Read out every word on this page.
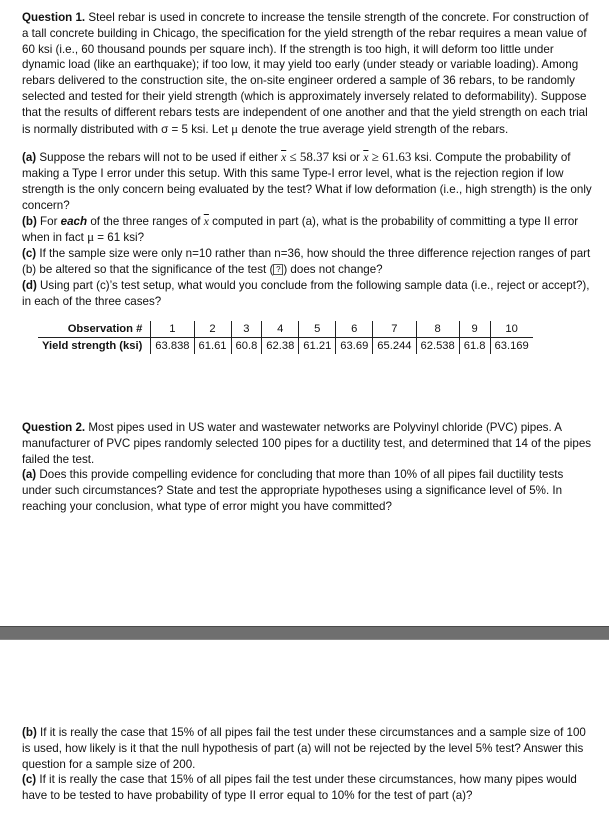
Question 1. Steel rebar is used in concrete to increase the tensile strength of the concrete. For construction of a tall concrete building in Chicago, the specification for the yield strength of the rebar requires a mean value of 60 ksi (i.e., 60 thousand pounds per square inch). If the strength is too high, it will deform too little under dynamic load (like an earthquake); if too low, it may yield too early (under steady or variable loading). Among rebars delivered to the construction site, the on-site engineer ordered a sample of 36 rebars, to be randomly selected and tested for their yield strength (which is approximately inversely related to deformability). Suppose that the results of different rebars tests are independent of one another and that the yield strength on each trial is normally distributed with σ = 5 ksi. Let μ denote the true average yield strength of the rebars.

(a) Suppose the rebars will not to be used if either $\overline{x} \le 58.37$ ksi or $\overline{x} \ge 61.63$ ksi. Compute the probability of making a Type I error under this setup. With this same Type-I error level, what is the rejection region if low strength is the only concern being evaluated by the test? What if low deformation (i.e., high strength) is the only concern?

(b) For each of the three ranges of $\overline{x}$ computed in part (a), what is the probability of committing a type II error when in fact μ = 61 ksi?

(c) If the sample size were only n=10 rather than n=36, how should the three difference rejection ranges of part (b) be altered so that the significance of the test ( ? ) does not change?

(d) Using part (c)’s test setup, what would you conclude from the following sample data (i.e., reject or accept?), in each of the three cases?

Observation #	1	2	3	4	5	6	7	8	9	10
Yield strength (ksi)	63.838	61.61	60.8	62.38	61.21	63.69	65.244	62.538	61.8	63.169

Question 2. Most pipes used in US water and wastewater networks are Polyvinyl chloride (PVC) pipes. A manufacturer of PVC pipes randomly selected 100 pipes for a ductility test, and determined that 14 of the pipes failed the test.

(a) Does this provide compelling evidence for concluding that more than 10% of all pipes fail ductility tests under such circumstances? State and test the appropriate hypotheses using a significance level of 5%. In reaching your conclusion, what type of error might you have committed?

(b) If it is really the case that 15% of all pipes fail the test under these circumstances and a sample size of 100 is used, how likely is it that the null hypothesis of part (a) will not be rejected by the level 5% test? Answer this question for a sample size of 200.

(c) If it is really the case that 15% of all pipes fail the test under these circumstances, how many pipes would have to be tested to have probability of type II error equal to 10% for the test of part (a)?
